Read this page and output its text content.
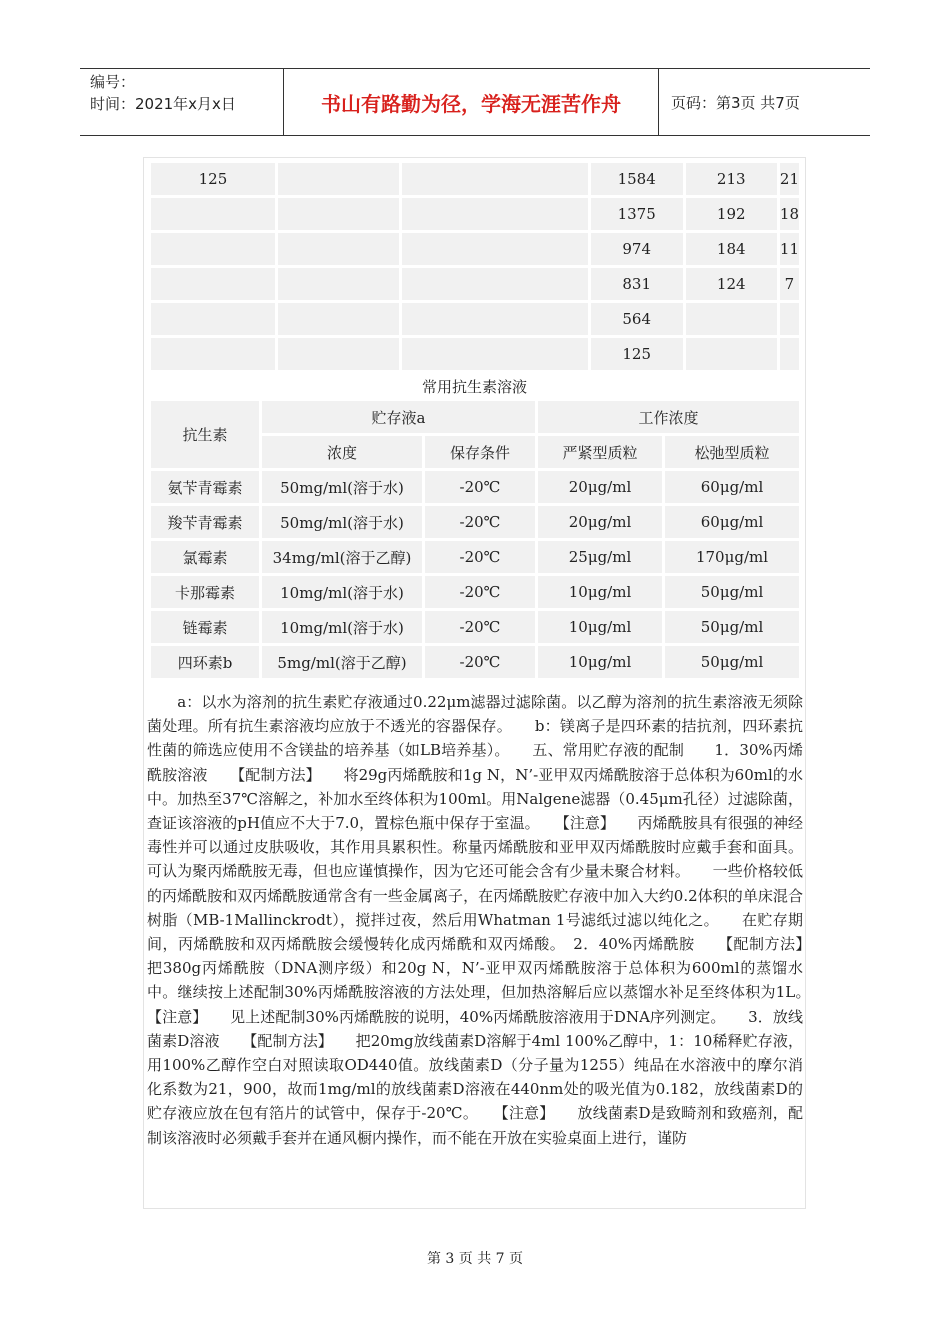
编号：
时间：2021年x月x日	书山有路勤为径，学海无涯苦作舟	页码：第3页 共7页
125			1584	213	21
			1375	192	18
			974	184	11
			831	124	7
			564		
			125		
常用抗生素溶液
抗生素	贮存液a		工作浓度	
	浓度	保存条件	严紧型质粒	松弛型质粒
氨苄青霉素	50mg/ml(溶于水)	-20℃	20μg/ml	60μg/ml
羧苄青霉素	50mg/ml(溶于水)	-20℃	20μg/ml	60μg/ml
氯霉素	34mg/ml(溶于乙醇)	-20℃	25μg/ml	170μg/ml
卡那霉素	10mg/ml(溶于水)	-20℃	10μg/ml	50μg/ml
链霉素	10mg/ml(溶于水)	-20℃	10μg/ml	50μg/ml
四环素b	5mg/ml(溶于乙醇)	-20℃	10μg/ml	50μg/ml
　　a：以水为溶剂的抗生素贮存液通过0.22μm滤器过滤除菌。以乙醇为溶剂的抗生素溶液无须除菌处理。所有抗生素溶液均应放于不透光的容器保存。　　b：镁离子是四环素的拮抗剂，四环素抗性菌的筛选应使用不含镁盐的培养基（如LB培养基）。　　五、常用贮存液的配制　　1．30%丙烯酰胺溶液　　【配制方法】　　将29g丙烯酰胺和1g N，N’-亚甲双丙烯酰胺溶于总体积为60ml的水中。加热至37℃溶解之，补加水至终体积为100ml。用Nalgene滤器（0.45μm孔径）过滤除菌，查证该溶液的pH值应不大于7.0，置棕色瓶中保存于室温。　　【注意】　　丙烯酰胺具有很强的神经毒性并可以通过皮肤吸收，其作用具累积性。称量丙烯酰胺和亚甲双丙烯酰胺时应戴手套和面具。可认为聚丙烯酰胺无毒，但也应谨慎操作，因为它还可能会含有少量未聚合材料。　　一些价格较低的丙烯酰胺和双丙烯酰胺通常含有一些金属离子，在丙烯酰胺贮存液中加入大约0.2体积的单床混合树脂（MB-1Mallinckrodt），搅拌过夜，然后用Whatman 1号滤纸过滤以纯化之。　　在贮存期间，丙烯酰胺和双丙烯酰胺会缓慢转化成丙烯酰和双丙烯酸。　2．40%丙烯酰胺　　【配制方法】　　把380g丙烯酰胺（DNA测序级）和20g N，N’-亚甲双丙烯酰胺溶于总体积为600ml的蒸馏水中。继续按上述配制30%丙烯酰胺溶液的方法处理，但加热溶解后应以蒸馏水补足至终体积为1L。　　【注意】　　见上述配制30%丙烯酰胺的说明，40%丙烯酰胺溶液用于DNA序列测定。　　3．放线菌素D溶液　　【配制方法】　　把20mg放线菌素D溶解于4ml 100%乙醇中，1：10稀释贮存液，用100%乙醇作空白对照读取OD440值。放线菌素D（分子量为1255）纯品在水溶液中的摩尔消化系数为21，900，故而1mg/ml的放线菌素D溶液在440nm处的吸光值为0.182，放线菌素D的贮存液应放在包有箔片的试管中，保存于-20℃。　　【注意】　　放线菌素D是致畸剂和致癌剂，配制该溶液时必须戴手套并在通风橱内操作，而不能在开放在实验桌面上进行，谨防
第 3 页 共 7 页
